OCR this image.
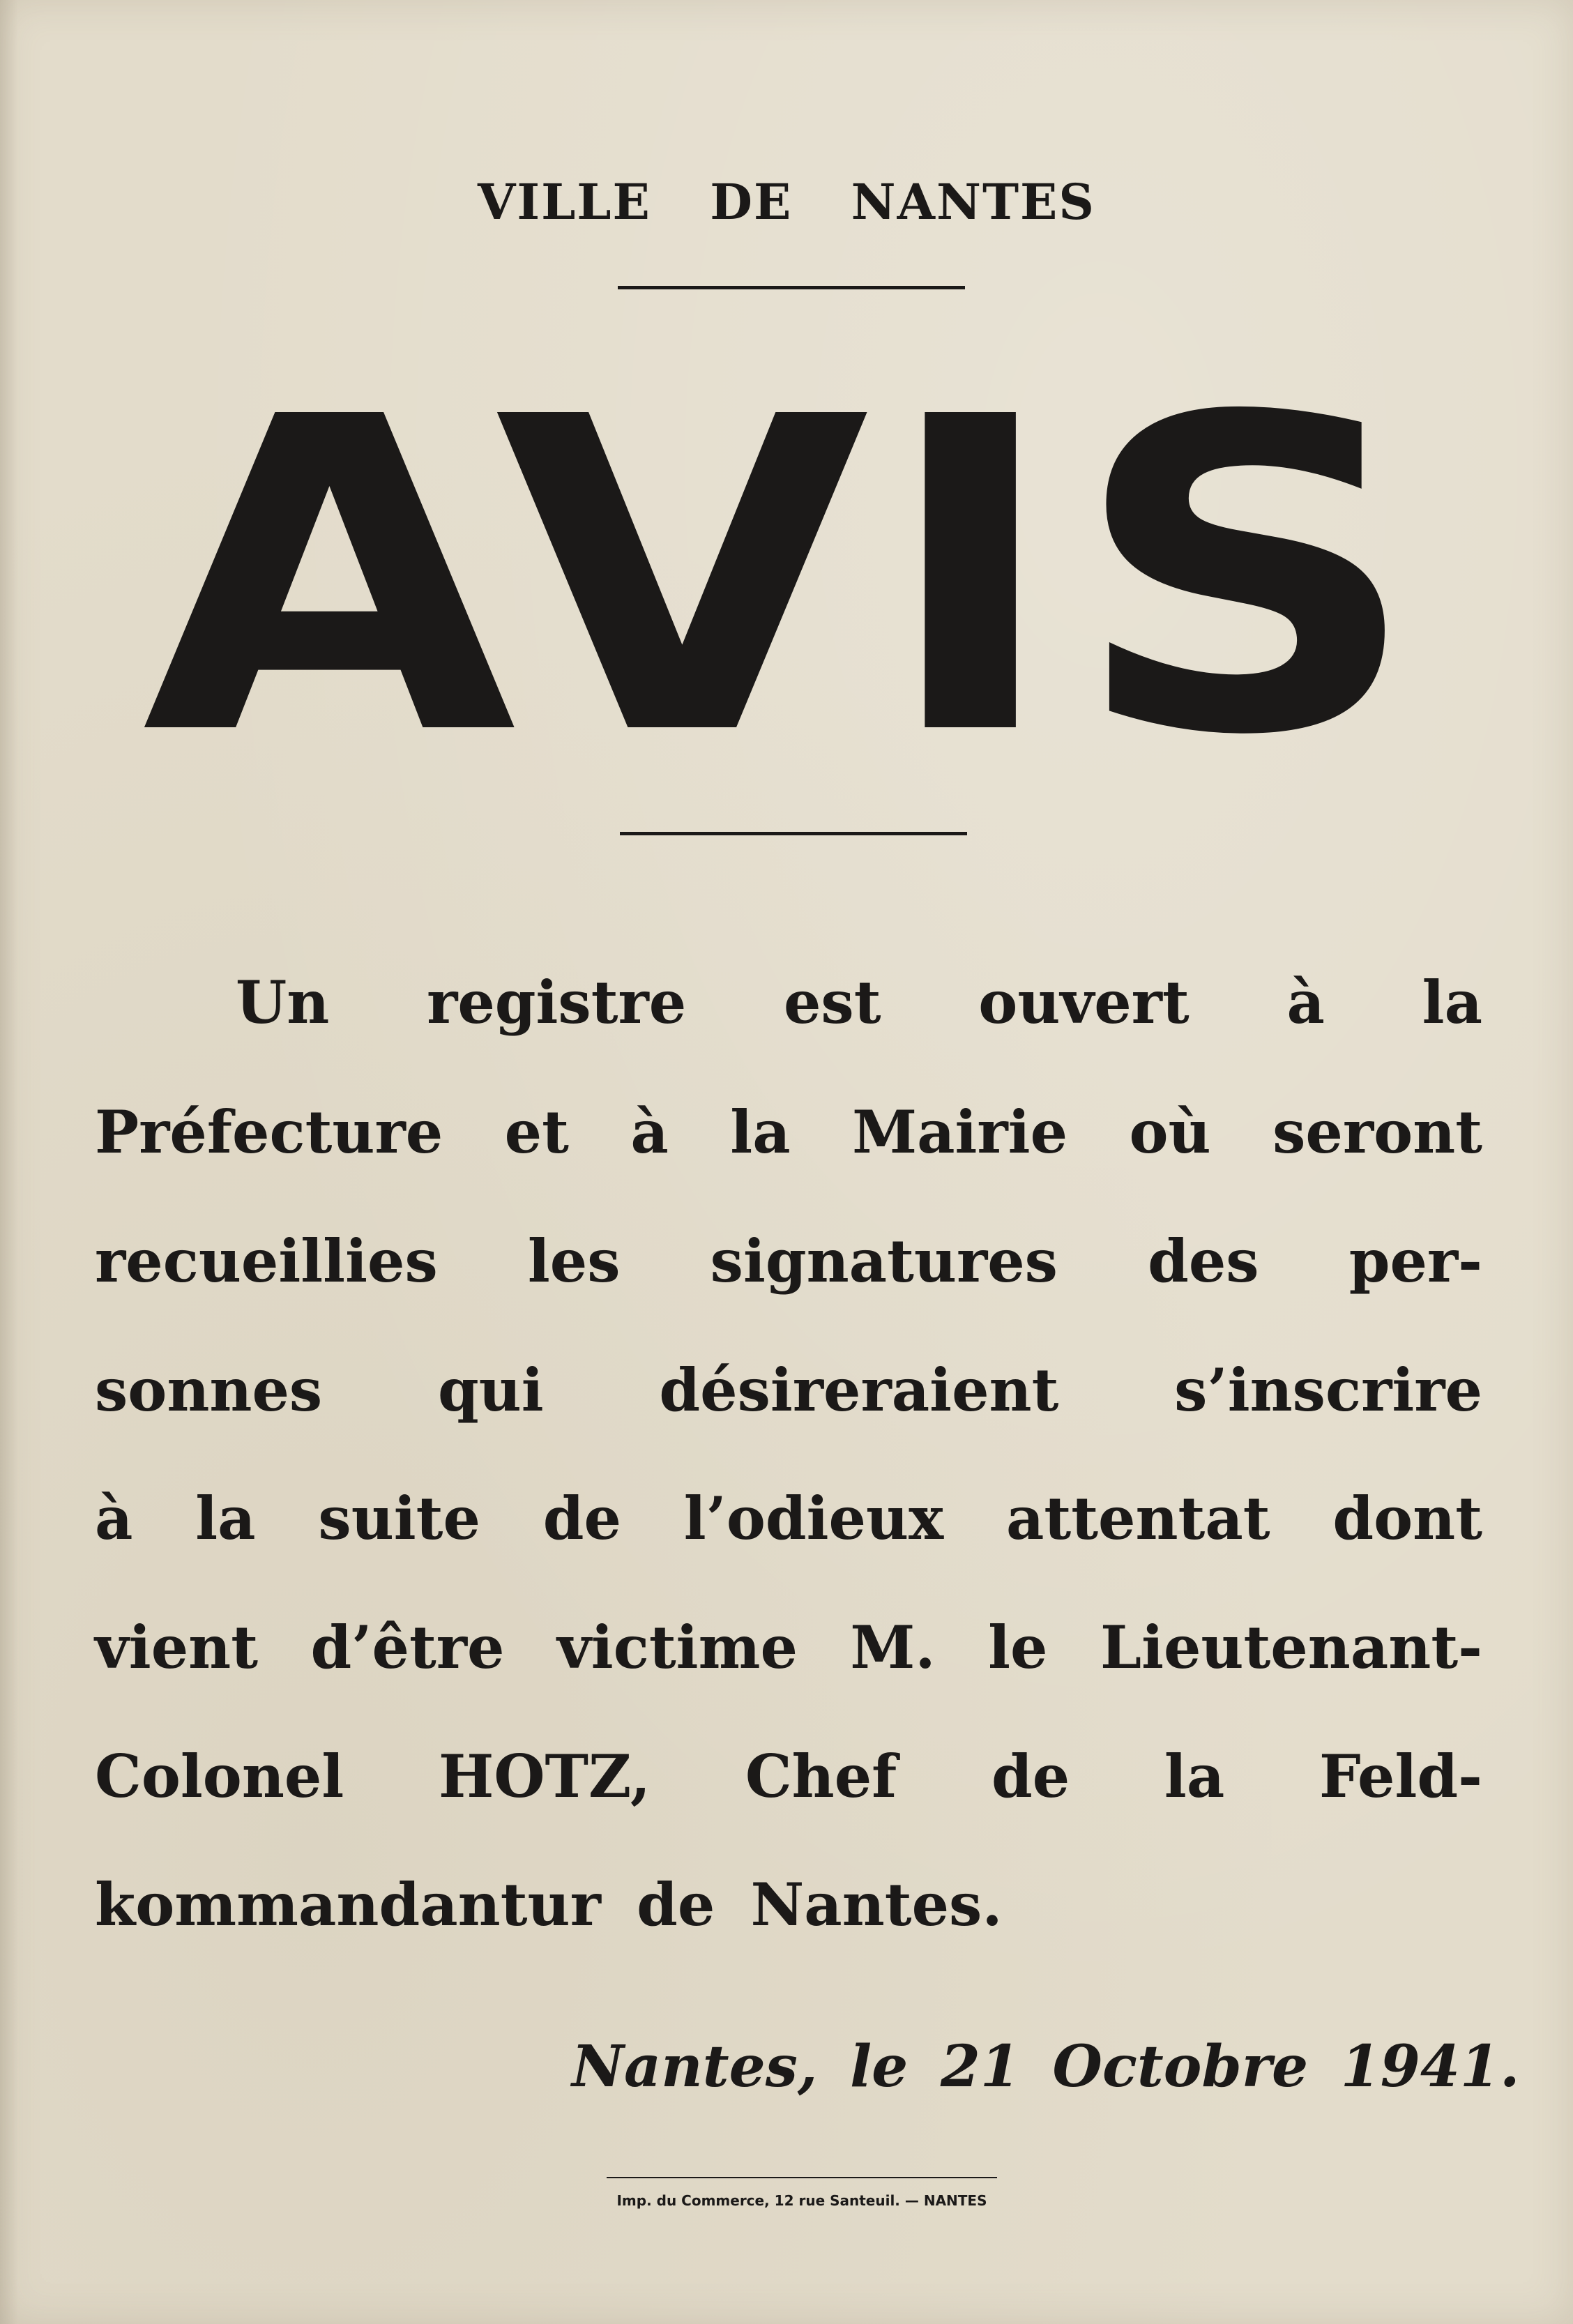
VILLE DE NANTES
AVIS
Un registre est ouvert à la
Préfecture et à la Mairie où seront
recueillies les signatures des per-
sonnes qui désireraient s’inscrire
à la suite de l’odieux attentat dont
vient d’être victime M. le Lieutenant-
Colonel HOTZ, Chef de la Feld-
kommandantur de Nantes.
Nantes, le 21 Octobre 1941.
Imp. du Commerce, 12 rue Santeuil. — NANTES
